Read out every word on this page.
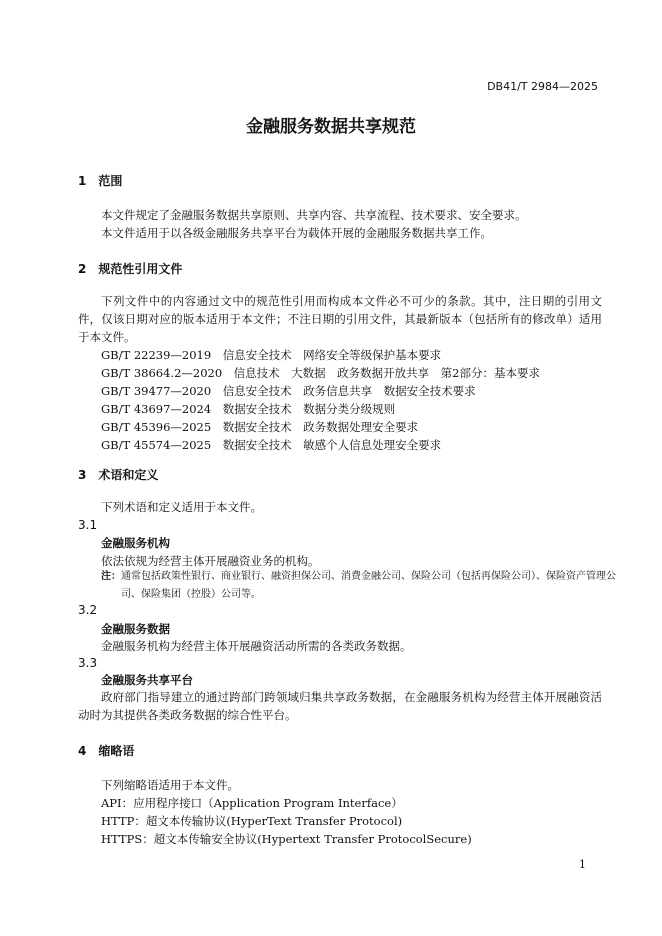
DB41/T 2984—2025
金融服务数据共享规范
1 范围
本文件规定了金融服务数据共享原则、共享内容、共享流程、技术要求、安全要求。
本文件适用于以各级金融服务共享平台为载体开展的金融服务数据共享工作。
2 规范性引用文件
下列文件中的内容通过文中的规范性引用而构成本文件必不可少的条款。其中，注日期的引用文件，仅该日期对应的版本适用于本文件；不注日期的引用文件，其最新版本（包括所有的修改单）适用于本文件。
GB/T 22239—2019　信息安全技术　网络安全等级保护基本要求
GB/T 38664.2—2020　信息技术　大数据　政务数据开放共享　第2部分：基本要求
GB/T 39477—2020　信息安全技术　政务信息共享　数据安全技术要求
GB/T 43697—2024　数据安全技术　数据分类分级规则
GB/T 45396—2025　数据安全技术　政务数据处理安全要求
GB/T 45574—2025　数据安全技术　敏感个人信息处理安全要求
3 术语和定义
下列术语和定义适用于本文件。
3.1
金融服务机构
依法依规为经营主体开展融资业务的机构。
注：通常包括政策性银行、商业银行、融资担保公司、消费金融公司、保险公司（包括再保险公司）、保险资产管理公司、保险集团（控股）公司等。
3.2
金融服务数据
金融服务机构为经营主体开展融资活动所需的各类政务数据。
3.3
金融服务共享平台
政府部门指导建立的通过跨部门跨领域归集共享政务数据，在金融服务机构为经营主体开展融资活动时为其提供各类政务数据的综合性平台。
4 缩略语
下列缩略语适用于本文件。
API：应用程序接口（Application Program Interface）
HTTP：超文本传输协议(HyperText Transfer Protocol)
HTTPS：超文本传输安全协议(Hypertext Transfer ProtocolSecure)
1
